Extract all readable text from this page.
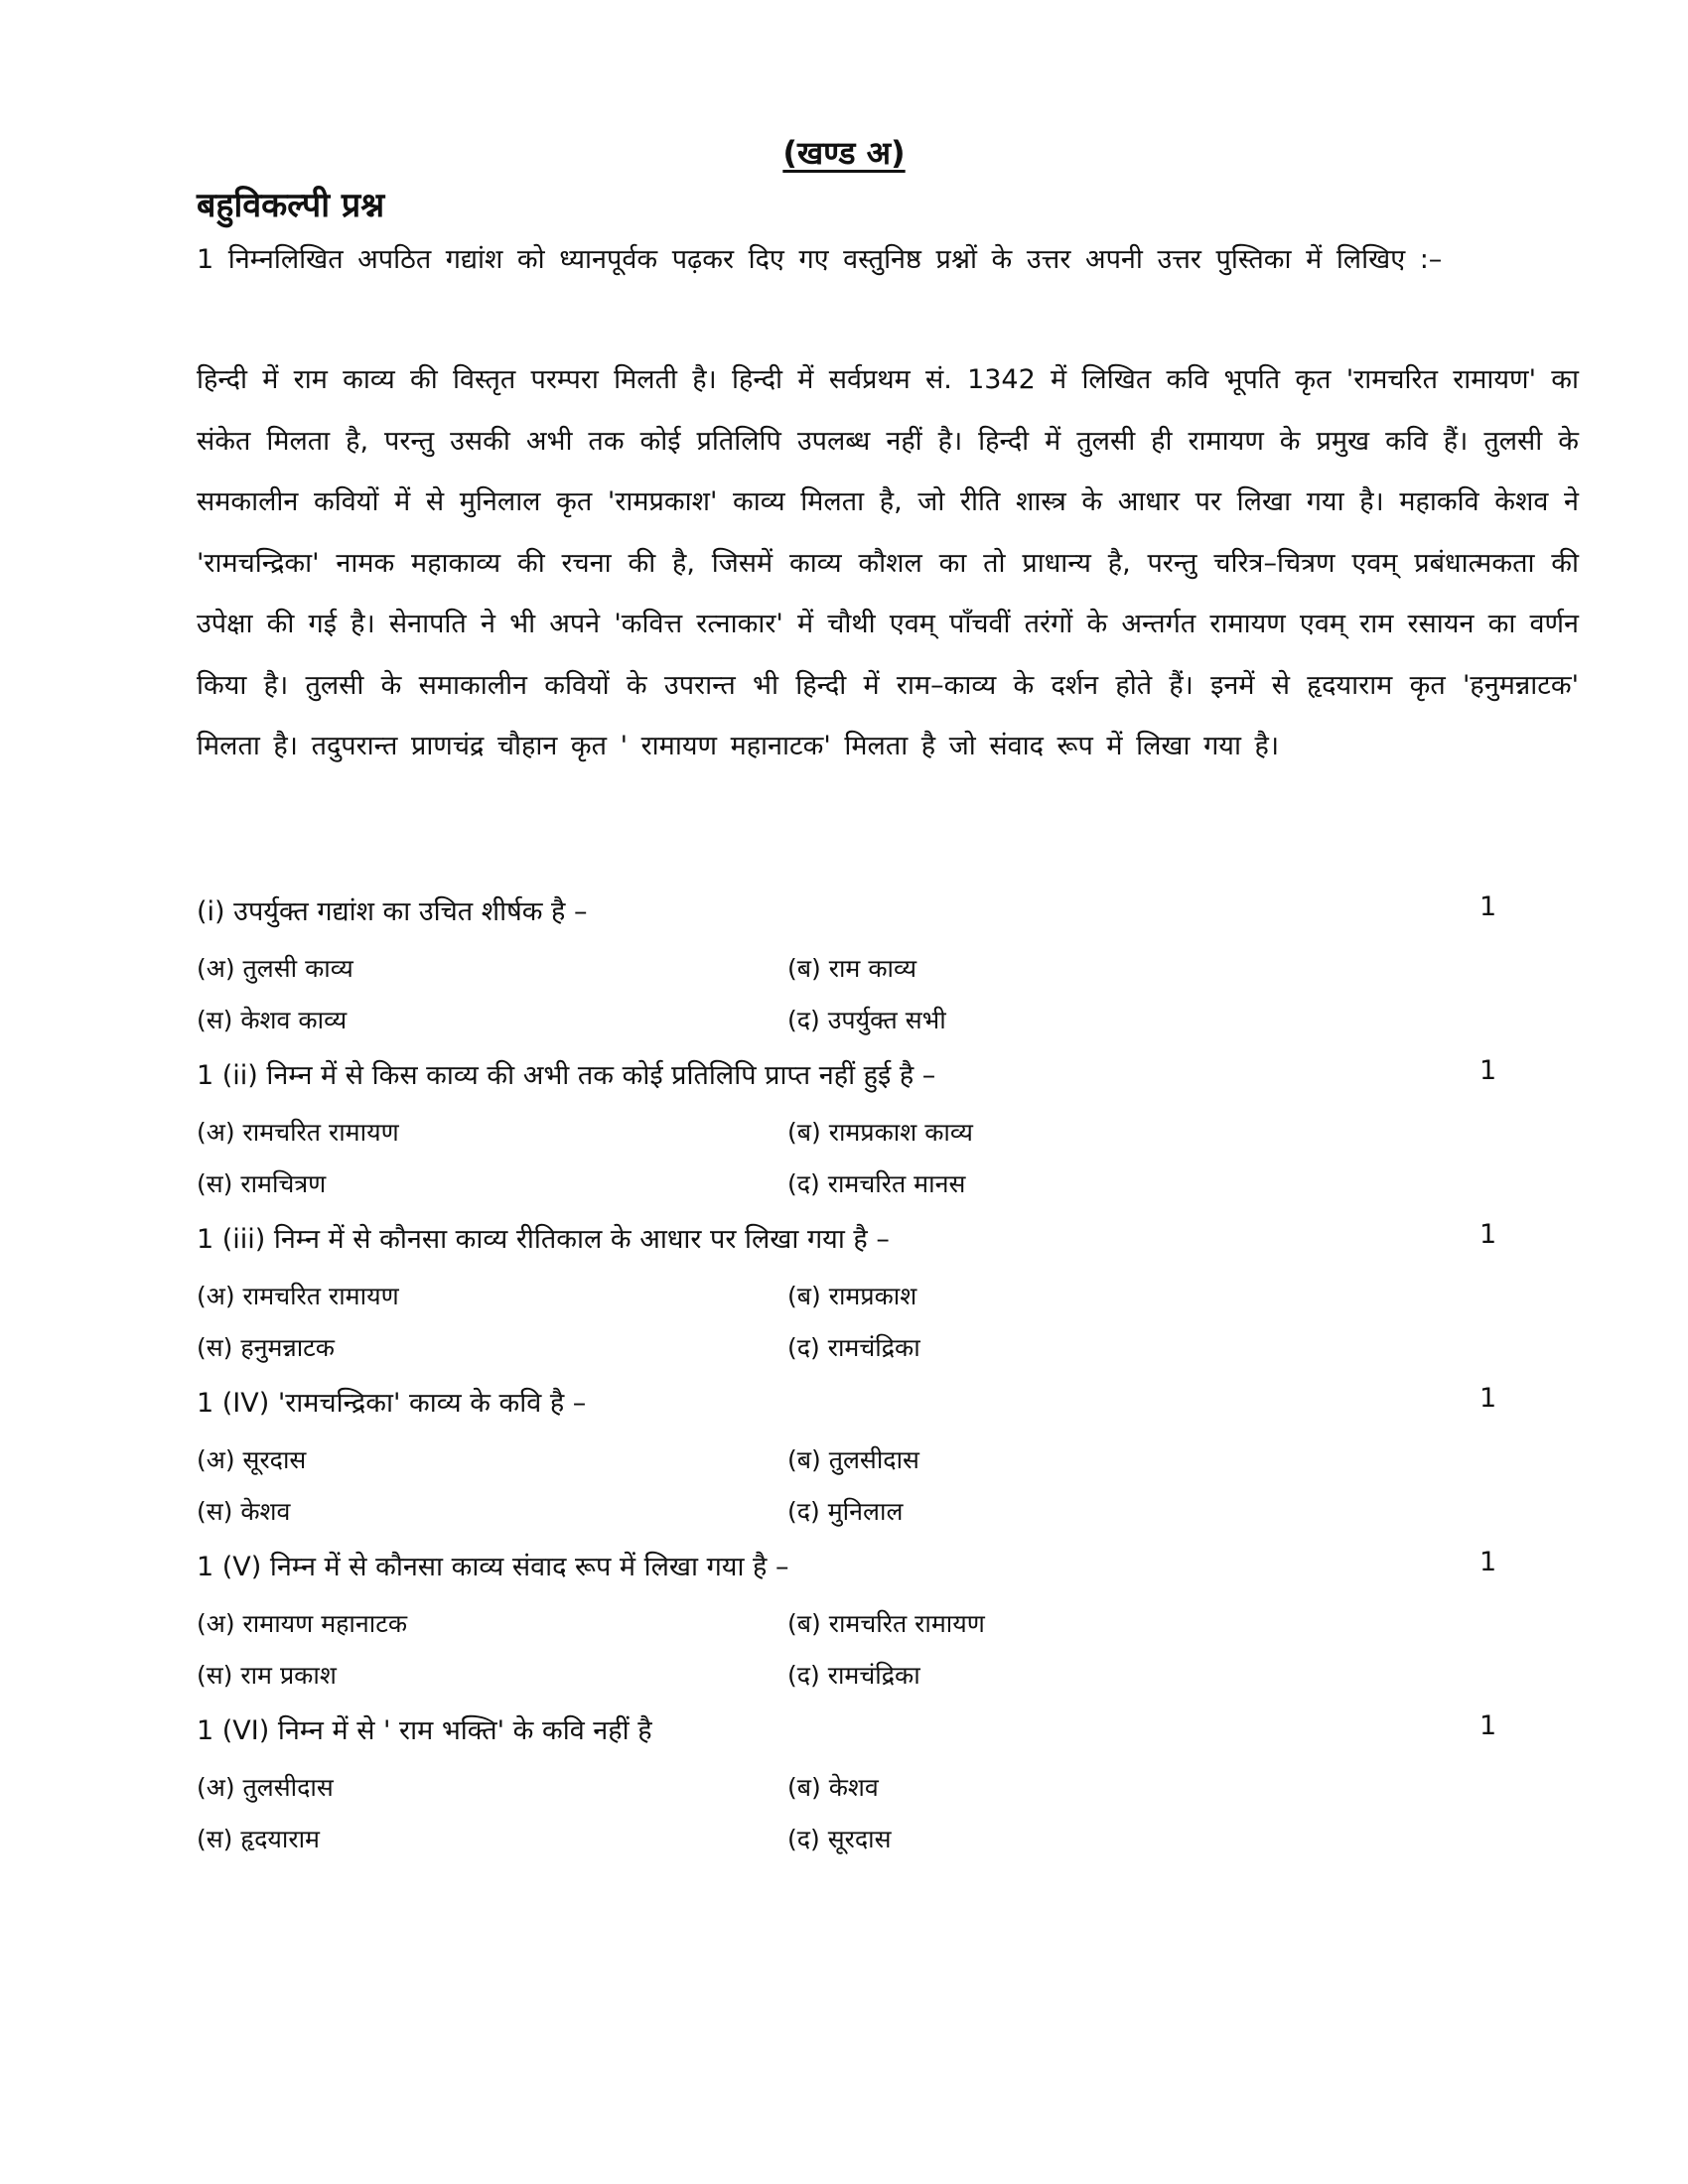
(खण्ड अ)
बहुविकल्पी प्रश्न
1 निम्नलिखित अपठित गद्यांश को ध्यानपूर्वक पढ़कर दिए गए वस्तुनिष्ठ प्रश्नों के उत्तर अपनी उत्तर पुस्तिका में लिखिए :–
हिन्दी में राम काव्य की विस्तृत परम्परा मिलती है। हिन्दी में सर्वप्रथम सं. 1342 में लिखित कवि भूपति कृत 'रामचरित रामायण' का संकेत मिलता है, परन्तु उसकी अभी तक कोई प्रतिलिपि उपलब्ध नहीं है। हिन्दी में तुलसी ही रामायण के प्रमुख कवि हैं। तुलसी के समकालीन कवियों में से मुनिलाल कृत 'रामप्रकाश' काव्य मिलता है, जो रीति शास्त्र के आधार पर लिखा गया है। महाकवि केशव ने 'रामचन्द्रिका' नामक महाकाव्य की रचना की है, जिसमें काव्य कौशल का तो प्राधान्य है, परन्तु चरित्र–चित्रण एवम् प्रबंधात्मकता की उपेक्षा की गई है। सेनापति ने भी अपने 'कवित्त रत्नाकार' में चौथी एवम् पाँचवीं तरंगों के अन्तर्गत रामायण एवम् राम रसायन का वर्णन किया है। तुलसी के समाकालीन कवियों के उपरान्त भी हिन्दी में राम–काव्य के दर्शन होते हैं। इनमें से हृदयाराम कृत 'हनुमन्नाटक' मिलता है। तदुपरान्त प्राणचंद्र चौहान कृत ' रामायण महानाटक' मिलता है जो संवाद रूप में लिखा गया है।
(i) उपर्युक्त गद्यांश का उचित शीर्षक है –	1
(अ) तुलसी काव्य	(ब) राम काव्य
(स) केशव काव्य	(द) उपर्युक्त सभी
1 (ii) निम्न में से किस काव्य की अभी तक कोई प्रतिलिपि प्राप्त नहीं हुई है –	1
(अ) रामचरित रामायण	(ब) रामप्रकाश काव्य
(स) रामचित्रण	(द) रामचरित मानस
1 (iii) निम्न में से कौनसा काव्य रीतिकाल के आधार पर लिखा गया है –	1
(अ) रामचरित रामायण	(ब) रामप्रकाश
(स) हनुमन्नाटक	(द) रामचंद्रिका
1 (IV) 'रामचन्द्रिका' काव्य के कवि है –	1
(अ) सूरदास	(ब) तुलसीदास
(स) केशव	(द) मुनिलाल
1 (V) निम्न में से कौनसा काव्य संवाद रूप में लिखा गया है –	1
(अ) रामायण महानाटक	(ब) रामचरित रामायण
(स) राम प्रकाश	(द) रामचंद्रिका
1 (VI) निम्न में से ' राम भक्ति' के कवि नहीं है	1
(अ) तुलसीदास	(ब) केशव
(स) हृदयाराम	(द) सूरदास
